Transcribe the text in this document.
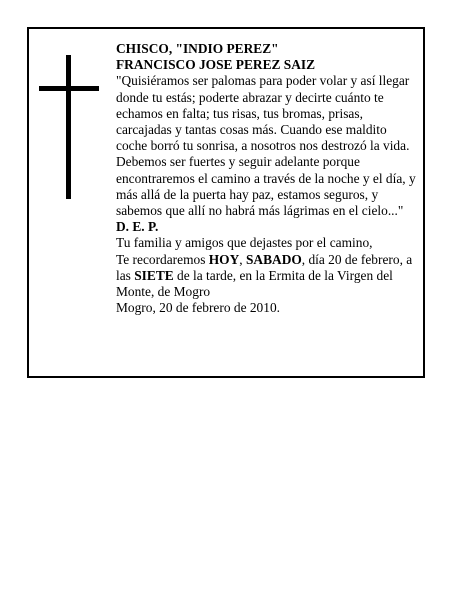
CHISCO, "INDIO PEREZ"

FRANCISCO JOSE PEREZ SAIZ

"Quisiéramos ser palomas para poder volar y así llegar donde tu estás; poderte abrazar y decirte cuánto te echamos en falta; tus risas, tus bromas, prisas, carcajadas y tantas cosas más. Cuando ese maldito coche borró tu sonrisa, a nosotros nos destrozó la vida. Debemos ser fuertes y seguir adelante porque encontraremos el camino a través de la noche y el día, y más allá de la puerta hay paz, estamos seguros, y sabemos que allí no habrá más lágrimas en el cielo..."

D. E. P.

Tu familia y amigos que dejastes por el camino,

Te recordaremos HOY, SABADO, día 20 de febrero, a las SIETE de la tarde, en la Ermita de la Virgen del Monte, de Mogro

Mogro, 20 de febrero de 2010.
